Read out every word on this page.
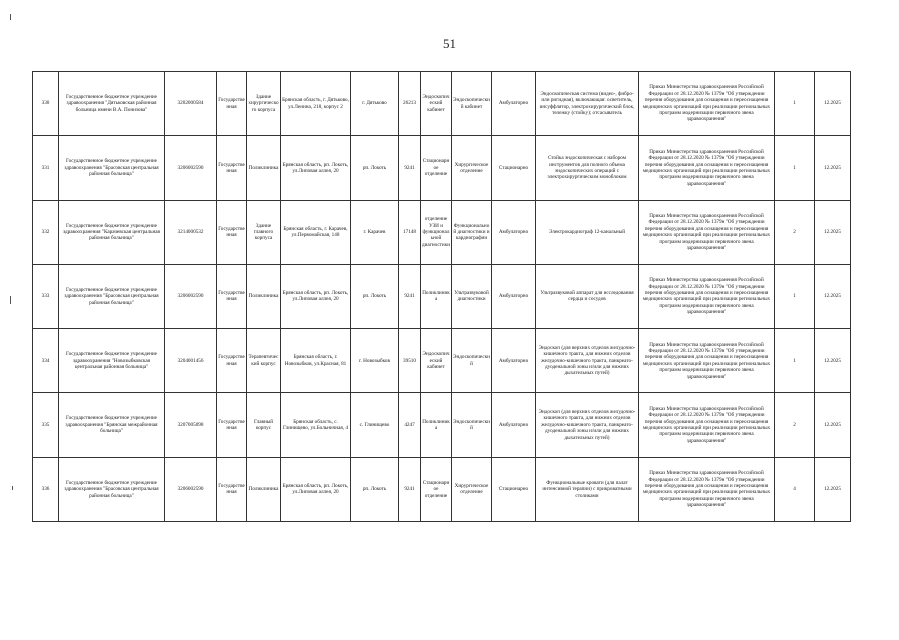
51
330	Государственное бюджетное учреждение здравоохранения "Дятьковская районная больница имени В.А. Понизова"	3202000584	Государственная	Здание хирургического корпуса	Брянская область, г. Дятьково, ул.Ленина, 218, корпус 2	г. Дятьково	26213	Эндоскопический кабинет	Эндоскопический кабинет	Амбулаторно	Эндоскопическая система (видео-, фибро- или ригидная), включающая: осветитель, инсуффлятор, электрохирургический блок, тележку (стойку); отсасыватель	Приказ Министерства здравоохранения Российской Федерации от 28.12.2020 № 1379н "Об утверждении перечня оборудования для оснащения и переоснащения медицинских организаций при реализации региональных программ модернизации первичного звена здравоохранения"	1	12.2025
331	Государственное бюджетное учреждение здравоохранения "Брасовская центральная районная больница"	3206002590	Государственная	Поликлиника	Брянская область, рп. Локоть, ул.Липовая аллея, 20	рп. Локоть	9241	Стационарное отделение	Хирургическое отделение	Стационарно	Стойка эндоскопическая с набором инструментов для полного объема эндоскопических операций с электрохирургическим моноблоком	Приказ Министерства здравоохранения Российской Федерации от 28.12.2020 № 1379н "Об утверждении перечня оборудования для оснащения и переоснащения медицинских организаций при реализации региональных программ модернизации первичного звена здравоохранения"	1	12.2025
332	Государственное бюджетное учреждение здравоохранения "Карачевская центральная районная больница"	3214000532	Государственная	Здание главного корпуса	Брянская область, г. Карачев, ул.Первомайская, 148	г. Карачев	17148	отделение УЗИ и функциональной диагностики	Функциональной диагностики и кардиографии	Амбулаторно	Электрокардиограф 12-канальный	Приказ Министерства здравоохранения Российской Федерации от 28.12.2020 № 1379н "Об утверждении перечня оборудования для оснащения и переоснащения медицинских организаций при реализации региональных программ модернизации первичного звена здравоохранения"	2	12.2025
333	Государственное бюджетное учреждение здравоохранения "Брасовская центральная районная больница"	3206002590	Государственная	Поликлиника	Брянская область, рп. Локоть, ул.Липовая аллея, 20	рп. Локоть	9241	Поликлиника	Ультразвуковой диагностики	Амбулаторно	Ультразвуковой аппарат для исследования сердца и сосудов	Приказ Министерства здравоохранения Российской Федерации от 28.12.2020 № 1379н "Об утверждении перечня оборудования для оснащения и переоснащения медицинских организаций при реализации региональных программ модернизации первичного звена здравоохранения"	1	12.2025
334	Государственное бюджетное учреждение здравоохранения "Новозыбковская центральная районная больница"	3204001456	Государственная	Терапевтический корпус	Брянская область, г. Новозыбков, ул.Красная, 81	г. Новозыбков	39510	Эндоскопический кабинет	Эндоскопический	Амбулаторно	Эндоскоп (для верхних отделов желудочно-кишечного тракта, для нижних отделов желудочно-кишечного тракта, панкреато-дуоденальной зоны и/или для нижних дыхательных путей)	Приказ Министерства здравоохранения Российской Федерации от 28.12.2020 № 1379н "Об утверждении перечня оборудования для оснащения и переоснащения медицинских организаций при реализации региональных программ модернизации первичного звена здравоохранения"	1	12.2025
335	Государственное бюджетное учреждение здравоохранения "Брянская межрайонная больница"	3207005098	Государственная	Главный корпус	Брянская область, с. Глинищево, ул.Больничная, 4	с. Глинищево	4247	Поликлиника	Эндоскопический	Амбулаторно	Эндоскоп (для верхних отделов желудочно-кишечного тракта, для нижних отделов желудочно-кишечного тракта, панкреато-дуоденальной зоны и/или для нижних дыхательных путей)	Приказ Министерства здравоохранения Российской Федерации от 28.12.2020 № 1379н "Об утверждении перечня оборудования для оснащения и переоснащения медицинских организаций при реализации региональных программ модернизации первичного звена здравоохранения"	2	12.2025
336	Государственное бюджетное учреждение здравоохранения "Брасовская центральная районная больница"	3206002590	Государственная	Поликлиника	Брянская область, рп. Локоть, ул.Липовая аллея, 20	рп. Локоть	9241	Стационарное отделение	Хирургическое отделение	Стационарно	Функциональные кровати (для палат интенсивной терапии) с прикроватными столиками	Приказ Министерства здравоохранения Российской Федерации от 28.12.2020 № 1379н "Об утверждении перечня оборудования для оснащения и переоснащения медицинских организаций при реализации региональных программ модернизации первичного звена здравоохранения"	4	12.2025
